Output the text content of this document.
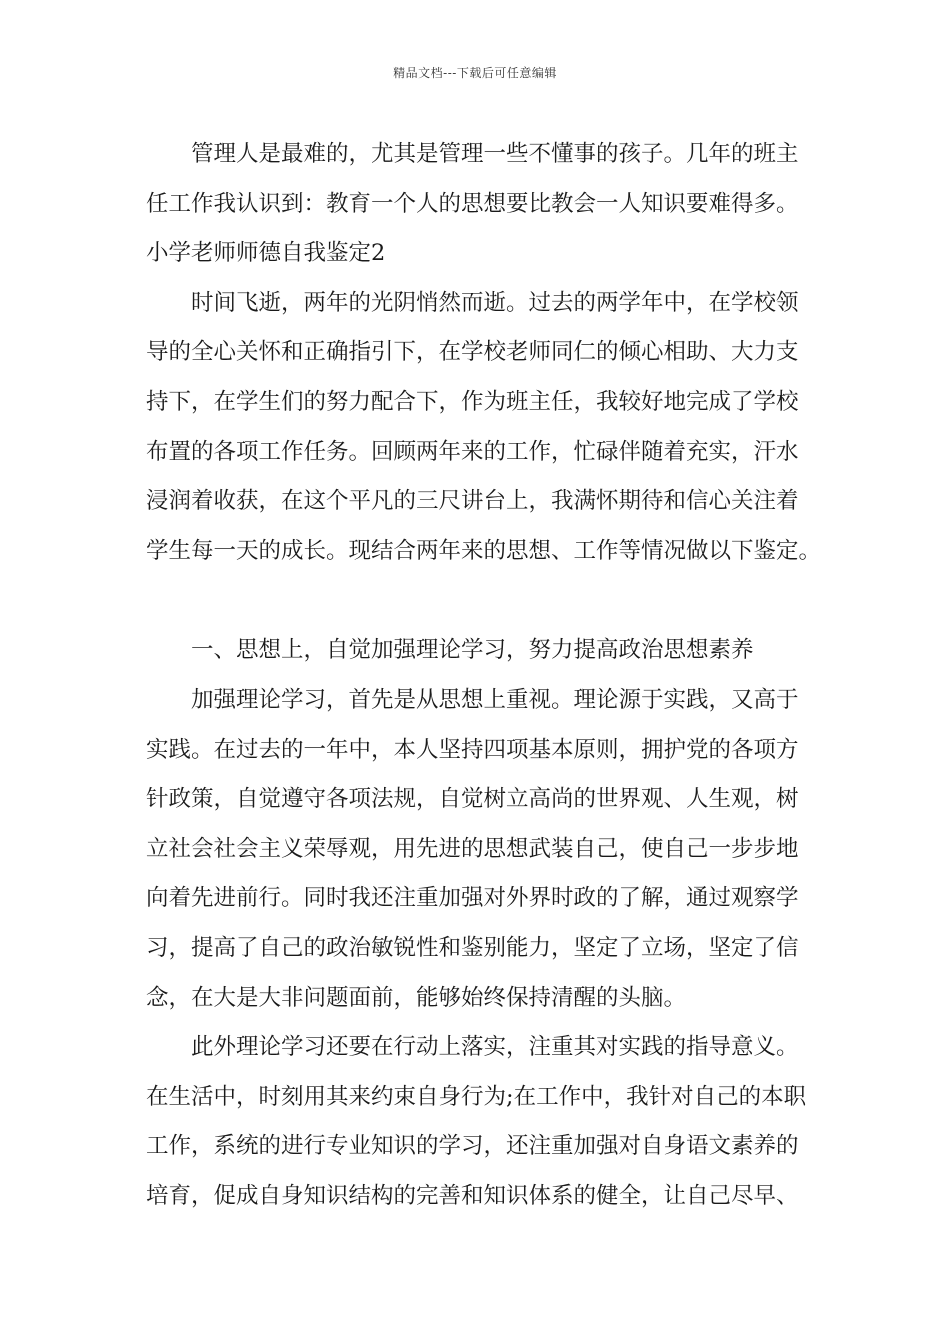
精品文档---下载后可任意编辑
管理人是最难的，尤其是管理一些不懂事的孩子。几年的班主
任工作我认识到：教育一个人的思想要比教会一人知识要难得多。
小学老师师德自我鉴定2
时间飞逝，两年的光阴悄然而逝。过去的两学年中，在学校领
导的全心关怀和正确指引下，在学校老师同仁的倾心相助、大力支
持下，在学生们的努力配合下，作为班主任，我较好地完成了学校
布置的各项工作任务。回顾两年来的工作，忙碌伴随着充实，汗水
浸润着收获，在这个平凡的三尺讲台上，我满怀期待和信心关注着
学生每一天的成长。现结合两年来的思想、工作等情况做以下鉴定。
一、思想上，自觉加强理论学习，努力提高政治思想素养
加强理论学习，首先是从思想上重视。理论源于实践，又高于
实践。在过去的一年中，本人坚持四项基本原则，拥护党的各项方
针政策，自觉遵守各项法规，自觉树立高尚的世界观、人生观，树
立社会社会主义荣辱观，用先进的思想武装自己，使自己一步步地
向着先进前行。同时我还注重加强对外界时政的了解，通过观察学
习，提高了自己的政治敏锐性和鉴别能力，坚定了立场，坚定了信
念，在大是大非问题面前，能够始终保持清醒的头脑。
此外理论学习还要在行动上落实，注重其对实践的指导意义。
在生活中，时刻用其来约束自身行为;在工作中，我针对自己的本职
工作，系统的进行专业知识的学习，还注重加强对自身语文素养的
培育，促成自身知识结构的完善和知识体系的健全，让自己尽早、
